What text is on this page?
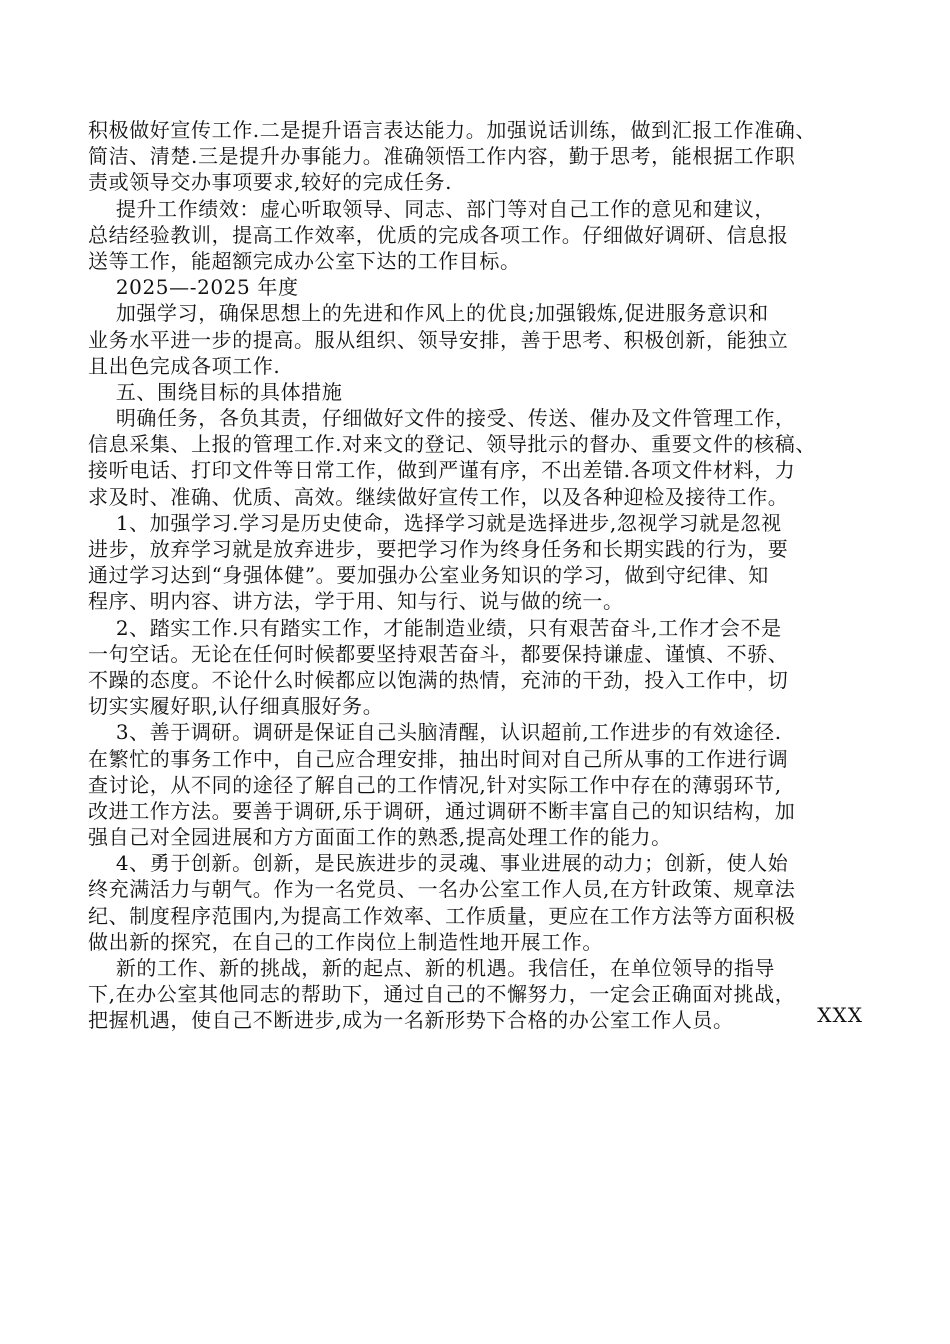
积极做好宣传工作.二是提升语言表达能力。加强说话训练，做到汇报工作准确、
简洁、清楚.三是提升办事能力。准确领悟工作内容，勤于思考，能根据工作职
责或领导交办事项要求,较好的完成任务.
提升工作绩效：虚心听取领导、同志、部门等对自己工作的意见和建议，
总结经验教训，提高工作效率，优质的完成各项工作。仔细做好调研、信息报
送等工作，能超额完成办公室下达的工作目标。
2025—-2025 年度
加强学习，确保思想上的先进和作风上的优良;加强锻炼,促进服务意识和
业务水平进一步的提高。服从组织、领导安排，善于思考、积极创新，能独立
且出色完成各项工作.
五、围绕目标的具体措施
明确任务，各负其责，仔细做好文件的接受、传送、催办及文件管理工作，
信息采集、上报的管理工作.对来文的登记、领导批示的督办、重要文件的核稿、
接听电话、打印文件等日常工作，做到严谨有序，不出差错.各项文件材料，力
求及时、准确、优质、高效。继续做好宣传工作，以及各种迎检及接待工作。
1、加强学习.学习是历史使命，选择学习就是选择进步,忽视学习就是忽视
进步，放弃学习就是放弃进步，要把学习作为终身任务和长期实践的行为，要
通过学习达到“身强体健”。要加强办公室业务知识的学习，做到守纪律、知
程序、明内容、讲方法，学于用、知与行、说与做的统一。
2、踏实工作.只有踏实工作，才能制造业绩，只有艰苦奋斗,工作才会不是
一句空话。无论在任何时候都要坚持艰苦奋斗，都要保持谦虚、谨慎、不骄、
不躁的态度。不论什么时候都应以饱满的热情，充沛的干劲，投入工作中，切
切实实履好职,认仔细真服好务。
3、善于调研。调研是保证自己头脑清醒，认识超前,工作进步的有效途径.
在繁忙的事务工作中，自己应合理安排，抽出时间对自己所从事的工作进行调
查讨论，从不同的途径了解自己的工作情况,针对实际工作中存在的薄弱环节,
改进工作方法。要善于调研,乐于调研，通过调研不断丰富自己的知识结构，加
强自己对全园进展和方方面面工作的熟悉,提高处理工作的能力。
4、勇于创新。创新，是民族进步的灵魂、事业进展的动力；创新，使人始
终充满活力与朝气。作为一名党员、一名办公室工作人员,在方针政策、规章法
纪、制度程序范围内,为提高工作效率、工作质量，更应在工作方法等方面积极
做出新的探究，在自己的工作岗位上制造性地开展工作。
新的工作、新的挑战，新的起点、新的机遇。我信任，在单位领导的指导
下,在办公室其他同志的帮助下，通过自己的不懈努力，一定会正确面对挑战，
把握机遇，使自己不断进步,成为一名新形势下合格的办公室工作人员。	XXX
